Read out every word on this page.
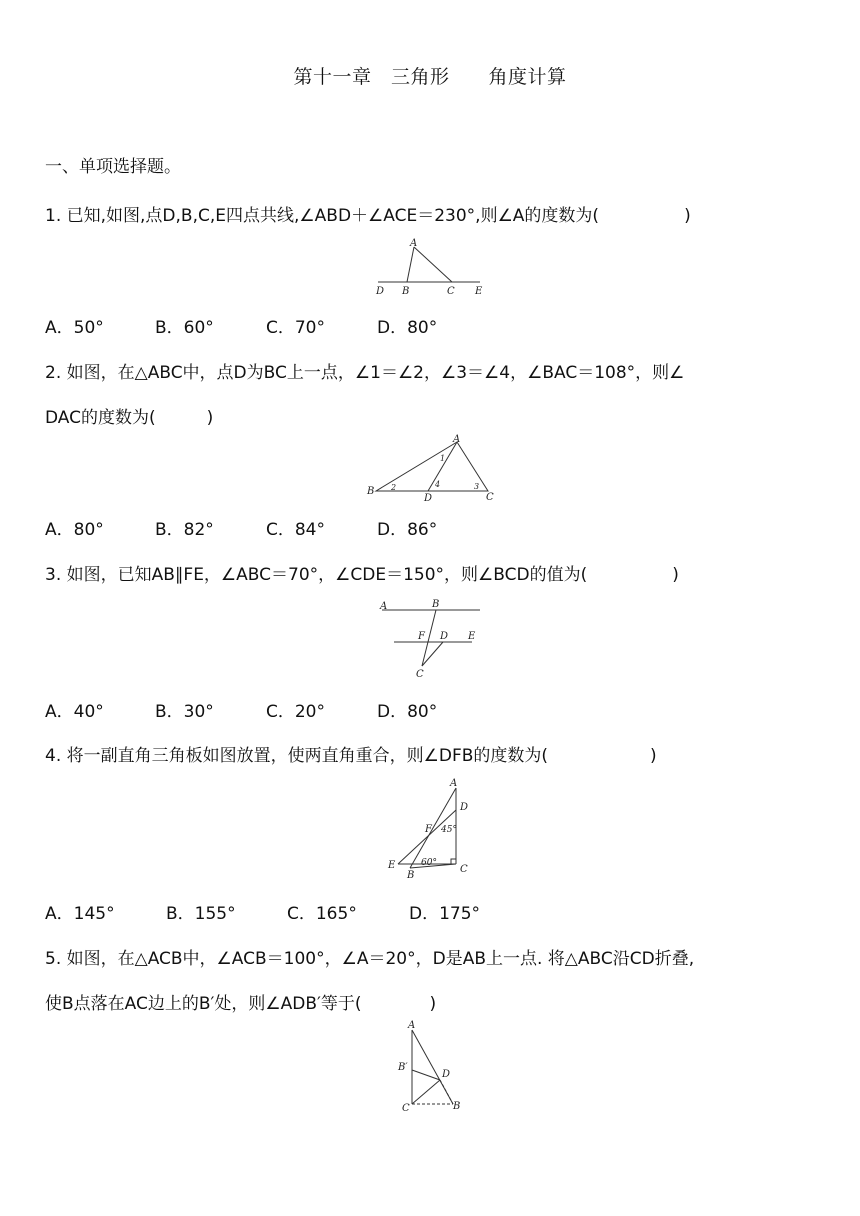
第十一章　三角形　　角度计算
一、单项选择题。
1. 已知,如图,点D,B,C,E四点共线,∠ABD＋∠ACE＝230°,则∠A的度数为(　　　　　)
A
D B	C E
A．50°	B．60°	C．70°	D．80°
2. 如图，在△ABC中，点D为BC上一点，∠1＝∠2，∠3＝∠4，∠BAC＝108°，则∠
DAC的度数为(　　　)
A
B
D	C
1
2	3
4
A．80°	B．82°	C．84°	D．86°
3. 如图，已知AB∥FE，∠ABC＝70°，∠CDE＝150°，则∠BCD的值为(　　　　　)
A	B
F D E
C
A．40°	B．30°	C．20°	D．80°
4. 将一副直角三角板如图放置，使两直角重合，则∠DFB的度数为(　　　　　　)
A
D
F 45°
E	60°
B
C
A．145°	B．155°	C．165°	D．175°
5. 如图，在△ACB中，∠ACB＝100°，∠A＝20°，D是AB上一点. 将△ABC沿CD折叠,
使B点落在AC边上的B′处，则∠ADB′等于(　　　　)
A
B′
D
C	B
